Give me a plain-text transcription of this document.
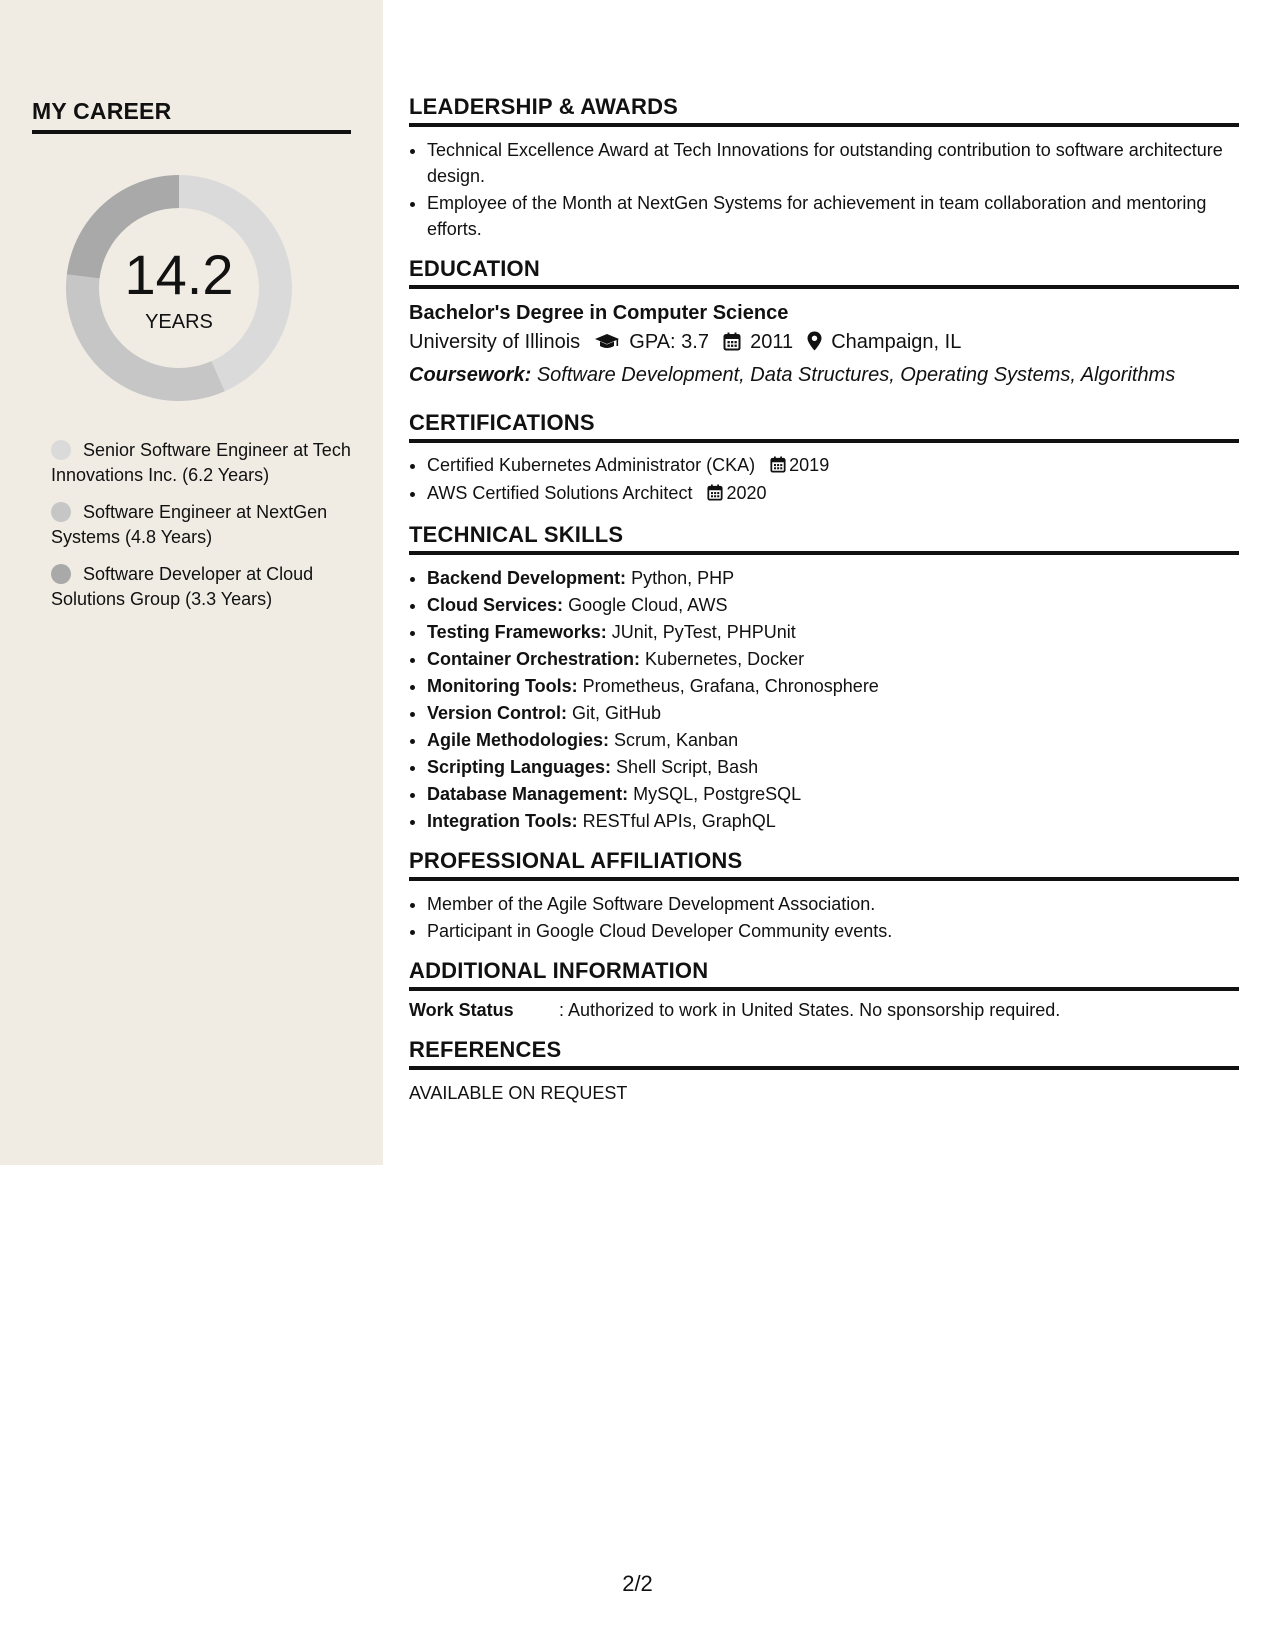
MY CAREER
14.2
YEARS
Senior Software Engineer at Tech Innovations Inc. (6.2 Years)
Software Engineer at NextGen Systems (4.8 Years)
Software Developer at Cloud Solutions Group (3.3 Years)
LEADERSHIP & AWARDS
• Technical Excellence Award at Tech Innovations for outstanding contribution to software architecture design.
• Employee of the Month at NextGen Systems for achievement in team collaboration and mentoring efforts.
EDUCATION
Bachelor's Degree in Computer Science
University of Illinois GPA: 3.7 2011 Champaign, IL
Coursework: Software Development, Data Structures, Operating Systems, Algorithms
CERTIFICATIONS
• Certified Kubernetes Administrator (CKA) 2019
• AWS Certified Solutions Architect 2020
TECHNICAL SKILLS
• Backend Development: Python, PHP
• Cloud Services: Google Cloud, AWS
• Testing Frameworks: JUnit, PyTest, PHPUnit
• Container Orchestration: Kubernetes, Docker
• Monitoring Tools: Prometheus, Grafana, Chronosphere
• Version Control: Git, GitHub
• Agile Methodologies: Scrum, Kanban
• Scripting Languages: Shell Script, Bash
• Database Management: MySQL, PostgreSQL
• Integration Tools: RESTful APIs, GraphQL
PROFESSIONAL AFFILIATIONS
• Member of the Agile Software Development Association.
• Participant in Google Cloud Developer Community events.
ADDITIONAL INFORMATION
Work Status	: Authorized to work in United States. No sponsorship required.
REFERENCES
AVAILABLE ON REQUEST
2/2
